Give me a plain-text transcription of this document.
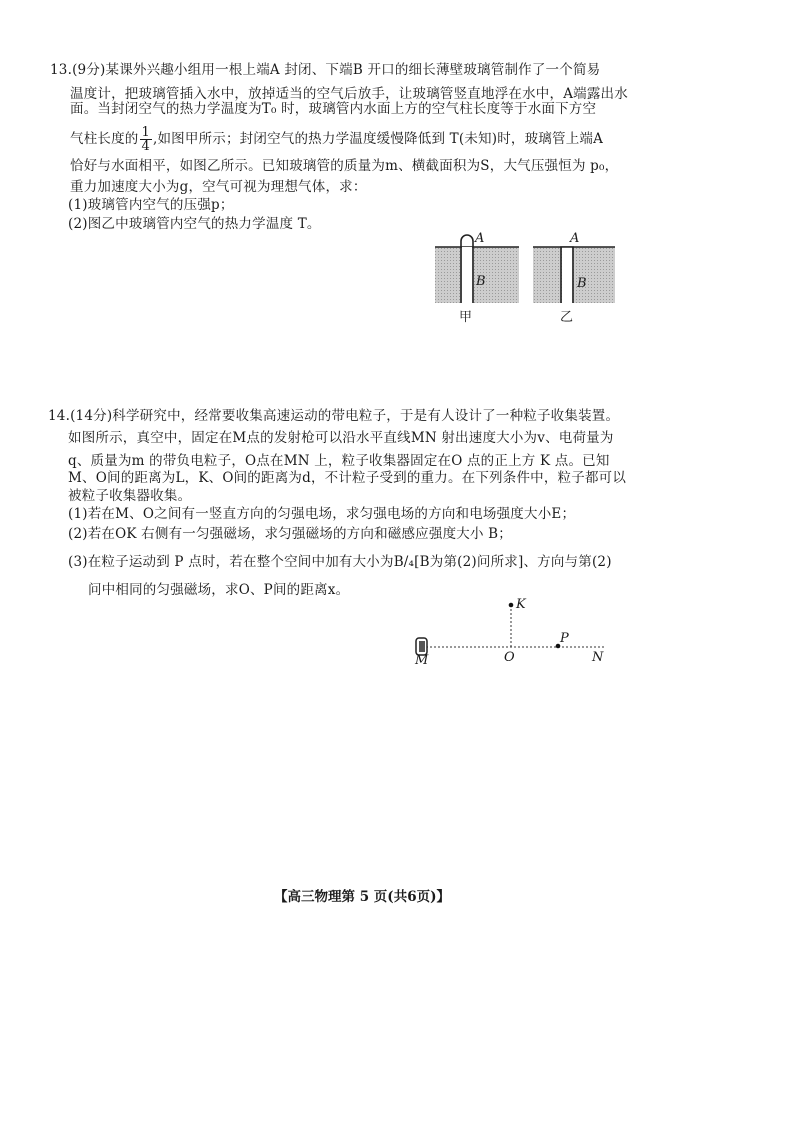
13.(9分)某课外兴趣小组用一根上端A 封闭、下端B 开口的细长薄壁玻璃管制作了一个简易
温度计，把玻璃管插入水中，放掉适当的空气后放手，让玻璃管竖直地浮在水中，A端露出水
面。当封闭空气的热力学温度为T₀ 时，玻璃管内水面上方的空气柱长度等于水面下方空
气柱长度的 $\frac{1}{4}$ ,如图甲所示；封闭空气的热力学温度缓慢降低到 T(未知)时，玻璃管上端A
恰好与水面相平，如图乙所示。已知玻璃管的质量为m、横截面积为S，大气压强恒为 p₀，
重力加速度大小为g，空气可视为理想气体，求：
(1)玻璃管内空气的压强p；
(2)图乙中玻璃管内空气的热力学温度 T。
A
B
甲
A
B
乙
14.(14分)科学研究中，经常要收集高速运动的带电粒子，于是有人设计了一种粒子收集装置。
如图所示，真空中，固定在M点的发射枪可以沿水平直线MN 射出速度大小为v、电荷量为
q、质量为m 的带负电粒子，O点在MN 上，粒子收集器固定在O 点的正上方 K 点。已知
M、O间的距离为L，K、O间的距离为d，不计粒子受到的重力。在下列条件中，粒子都可以
被粒子收集器收集。
(1)若在M、O之间有一竖直方向的匀强电场，求匀强电场的方向和电场强度大小E；
(2)若在OK 右侧有一匀强磁场，求匀强磁场的方向和磁感应强度大小 B；
(3)在粒子运动到 P 点时，若在整个空间中加有大小为B/₄[B为第(2)问所求]、方向与第(2)
问中相同的匀强磁场，求O、P间的距离x。
K
M	O
P
N
【高三物理第 5 页(共6页)】
